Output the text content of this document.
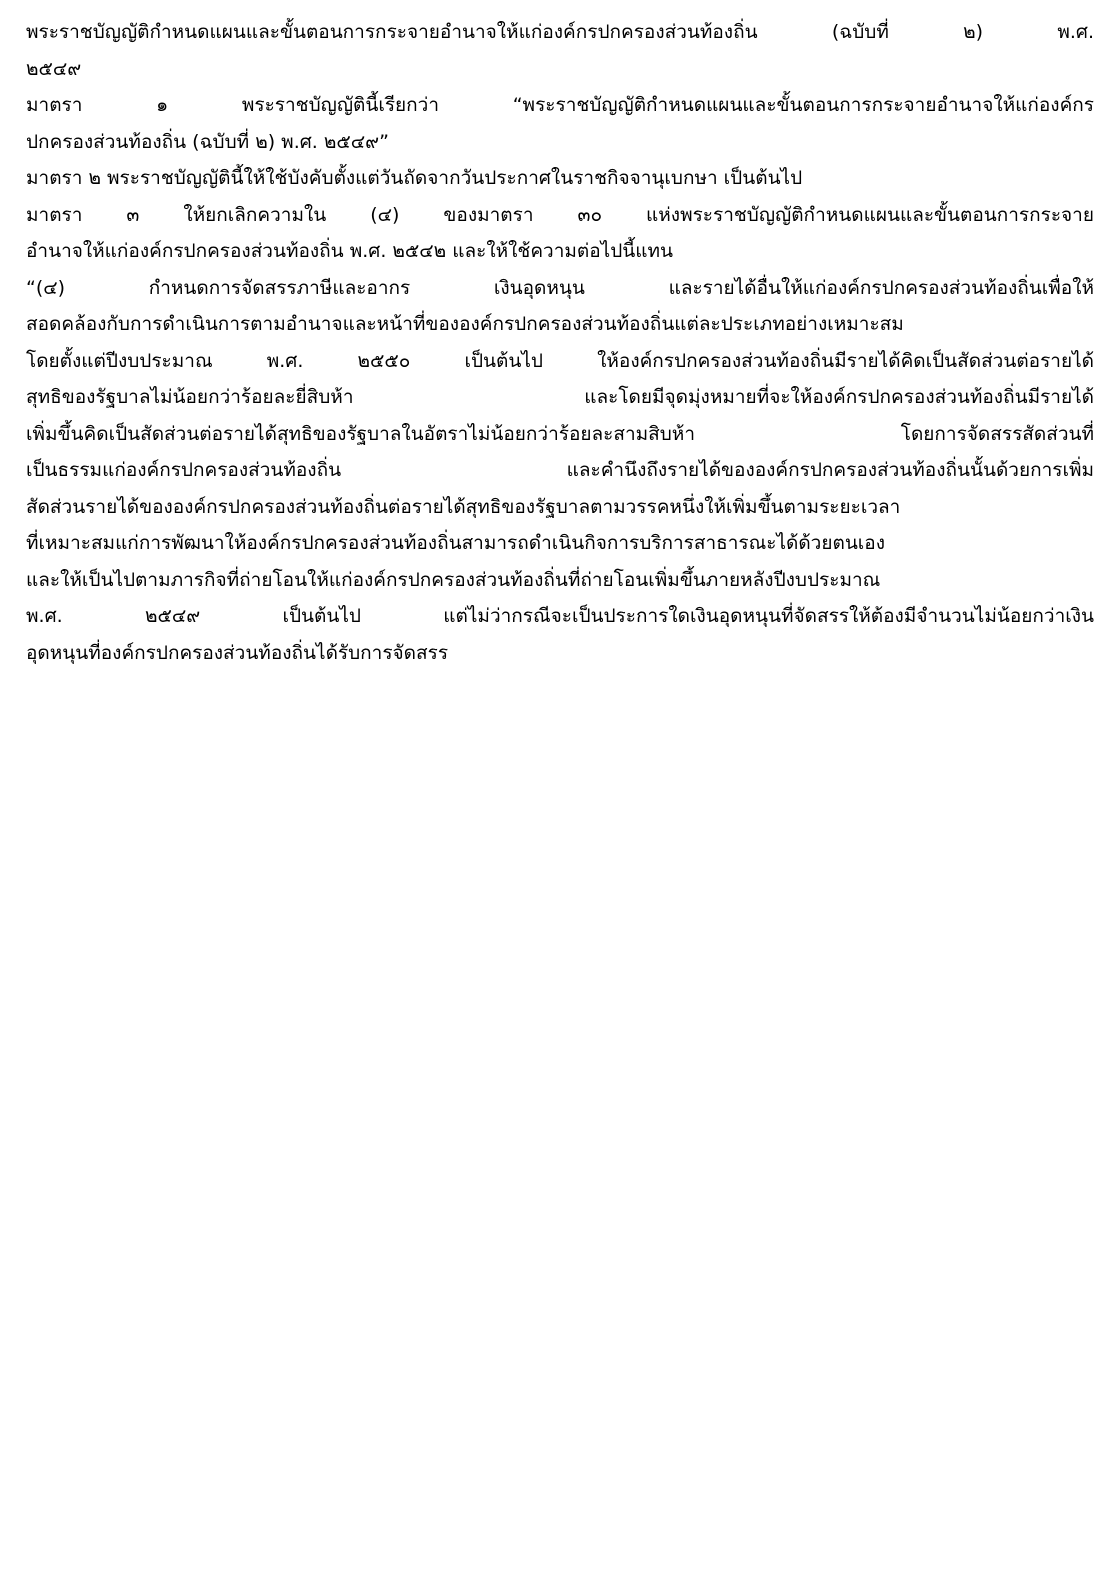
พระราชบัญญัติกำหนดแผนและขั้นตอนการกระจายอำนาจให้แก่องค์กรปกครองส่วนท้องถิ่น (ฉบับที่ ๒) พ.ศ.
๒๕๔๙
มาตรา ๑ พระราชบัญญัตินี้เรียกว่า “พระราชบัญญัติกำหนดแผนและขั้นตอนการกระจายอำนาจให้แก่องค์กร
ปกครองส่วนท้องถิ่น (ฉบับที่ ๒) พ.ศ. ๒๕๔๙”
มาตรา ๒ พระราชบัญญัตินี้ให้ใช้บังคับตั้งแต่วันถัดจากวันประกาศในราชกิจจานุเบกษา เป็นต้นไป
มาตรา ๓ ให้ยกเลิกความใน (๔) ของมาตรา ๓๐ แห่งพระราชบัญญัติกำหนดแผนและขั้นตอนการกระจาย
อำนาจให้แก่องค์กรปกครองส่วนท้องถิ่น พ.ศ. ๒๕๔๒ และให้ใช้ความต่อไปนี้แทน
“(๔) กำหนดการจัดสรรภาษีและอากร เงินอุดหนุน และรายได้อื่นให้แก่องค์กรปกครองส่วนท้องถิ่นเพื่อให้
สอดคล้องกับการดำเนินการตามอำนาจและหน้าที่ขององค์กรปกครองส่วนท้องถิ่นแต่ละประเภทอย่างเหมาะสม
โดยตั้งแต่ปีงบประมาณ พ.ศ. ๒๕๕๐ เป็นต้นไป ให้องค์กรปกครองส่วนท้องถิ่นมีรายได้คิดเป็นสัดส่วนต่อรายได้
สุทธิของรัฐบาลไม่น้อยกว่าร้อยละยี่สิบห้า และโดยมีจุดมุ่งหมายที่จะให้องค์กรปกครองส่วนท้องถิ่นมีรายได้
เพิ่มขึ้นคิดเป็นสัดส่วนต่อรายได้สุทธิของรัฐบาลในอัตราไม่น้อยกว่าร้อยละสามสิบห้า โดยการจัดสรรสัดส่วนที่
เป็นธรรมแก่องค์กรปกครองส่วนท้องถิ่น และคำนึงถึงรายได้ขององค์กรปกครองส่วนท้องถิ่นนั้นด้วยการเพิ่ม
สัดส่วนรายได้ขององค์กรปกครองส่วนท้องถิ่นต่อรายได้สุทธิของรัฐบาลตามวรรคหนึ่งให้เพิ่มขึ้นตามระยะเวลา
ที่เหมาะสมแก่การพัฒนาให้องค์กรปกครองส่วนท้องถิ่นสามารถดำเนินกิจการบริการสาธารณะได้ด้วยตนเอง
และให้เป็นไปตามภารกิจที่ถ่ายโอนให้แก่องค์กรปกครองส่วนท้องถิ่นที่ถ่ายโอนเพิ่มขึ้นภายหลังปีงบประมาณ
พ.ศ. ๒๕๔๙ เป็นต้นไป แต่ไม่ว่ากรณีจะเป็นประการใดเงินอุดหนุนที่จัดสรรให้ต้องมีจำนวนไม่น้อยกว่าเงิน
อุดหนุนที่องค์กรปกครองส่วนท้องถิ่นได้รับการจัดสรร
